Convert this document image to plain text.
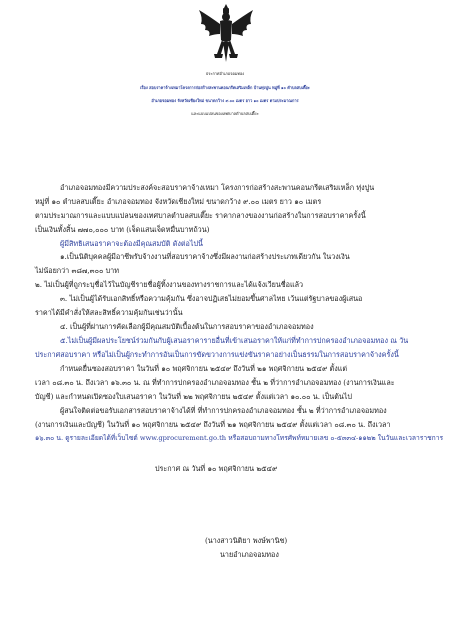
ประกาศอำเภอจอมทอง
เรื่อง สอบราคาจ้างเหมาโครงการก่อสร้างสะพานคอนกรีตเสริมเหล็ก บ้านทุ่งปูน หมู่ที่ ๑๐ ตำบลสบเตี๊ยะ
อำเภอจอมทอง จังหวัดเชียงใหม่ ขนาดกว้าง ๙.๐๐ เมตร ยาว ๑๐ เมตร ตามประมาณการ
และแบบแปลนของเทศบาลตำบลสบเตี๊ยะ
อำเภอจอมทองมีความประสงค์จะสอบราคาจ้างเหมา โครงการก่อสร้างสะพานคอนกรีตเสริมเหล็ก ทุ่งปูน
หมู่ที่ ๑๐ ตำบลสบเตี๊ยะ อำเภอจอมทอง จังหวัดเชียงใหม่ ขนาดกว้าง ๙.๐๐ เมตร ยาว ๑๐ เมตร
ตามประมาณการและแบบแปลนของเทศบาลตำบลสบเตี๊ยะ ราคากลางของงานก่อสร้างในการสอบราคาครั้งนี้
เป็นเงินทั้งสิ้น ๗๗๐,๐๐๐ บาท (เจ็ดแสนเจ็ดหมื่นบาทถ้วน)
ผู้มีสิทธิเสนอราคาจะต้องมีคุณสมบัติ ดังต่อไปนี้
๑.เป็นนิติบุคคลผู้มีอาชีพรับจ้างงานที่สอบราคาจ้างซึ่งมีผลงานก่อสร้างประเภทเดียวกัน ในวงเงิน
ไม่น้อยกว่า ๓๘๗,๓๐๐ บาท
๒. ไม่เป็นผู้ที่ถูกระบุชื่อไว้ในบัญชีรายชื่อผู้ทิ้งงานของทางราชการและได้แจ้งเวียนชื่อแล้ว
๓. ไม่เป็นผู้ได้รับเอกสิทธิ์หรือความคุ้มกัน ซึ่งอาจปฏิเสธไม่ยอมขึ้นศาลไทย เว้นแต่รัฐบาลของผู้เสนอ
ราคาได้มีคำสั่งให้สละสิทธิ์ความคุ้มกันเช่นว่านั้น
๔. เป็นผู้ที่ผ่านการคัดเลือกผู้มีคุณสมบัติเบื้องต้นในการสอบราคาของอำเภอจอมทอง
๕.ไม่เป็นผู้มีผลประโยชน์ร่วมกันกับผู้เสนอราคารายอื่นที่เข้าเสนอราคาให้แก่ที่ทำการปกครองอำเภอจอมทอง ณ วัน
ประกาศสอบราคา หรือไม่เป็นผู้กระทำการอันเป็นการขัดขวางการแข่งขันราคาอย่างเป็นธรรมในการสอบราคาจ้างครั้งนี้
กำหนดยื่นซองสอบราคา ในวันที่ ๑๐ พฤศจิกายน ๒๕๔๙ ถึงวันที่ ๒๑ พฤศจิกายน ๒๕๔๙ ตั้งแต่
เวลา ๐๘.๓๐ น. ถึงเวลา ๑๖.๓๐ น. ณ ที่ทำการปกครองอำเภอจอมทอง ชั้น ๒ ที่ว่าการอำเภอจอมทอง (งานการเงินและ
บัญชี) และกำหนดเปิดซองใบเสนอราคา ในวันที่ ๒๒ พฤศจิกายน ๒๕๔๙ ตั้งแต่เวลา ๑๐.๐๐ น. เป็นต้นไป
ผู้สนใจติดต่อขอรับเอกสารสอบราคาจ้างได้ที่ ที่ทำการปกครองอำเภอจอมทอง ชั้น ๒ ที่ว่าการอำเภอจอมทอง
(งานการเงินและบัญชี) ในวันที่ ๑๐ พฤศจิกายน ๒๕๔๙ ถึงวันที่ ๒๑ พฤศจิกายน ๒๕๔๙ ตั้งแต่เวลา ๐๘.๓๐ น. ถึงเวลา
๑๖.๓๐ น. ดูรายละเอียดได้ที่เว็บไซต์ www.gprocurement.go.th หรือสอบถามทางโทรศัพท์หมายเลข ๐-๕๓๓๔-๑๑๒๒ ในวันและเวลาราชการ
ประกาศ ณ วันที่ ๑๐ พฤศจิกายน ๒๕๔๙
(นางสาวนิติยา พงษ์พานิช)
นายอำเภอจอมทอง
